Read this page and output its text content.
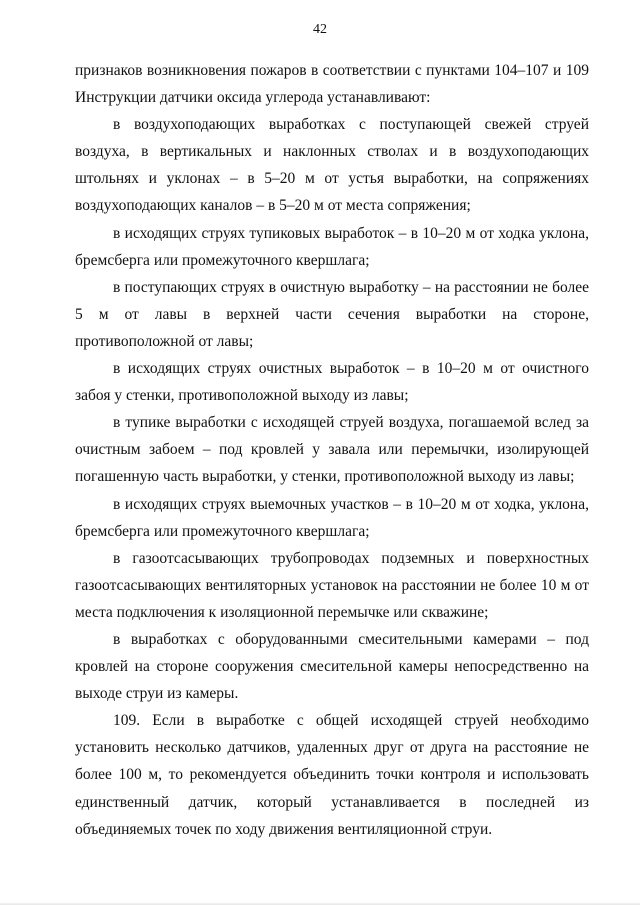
42

признаков возникновения пожаров в соответствии с пунктами 104–107 и 109 Инструкции датчики оксида углерода устанавливают:

в воздухоподающих выработках с поступающей свежей струей воздуха, в вертикальных и наклонных стволах и в воздухоподающих штольнях и уклонах – в 5–20 м от устья выработки, на сопряжениях воздухоподающих каналов – в 5–20 м от места сопряжения;

в исходящих струях тупиковых выработок – в 10–20 м от ходка уклона, бремсберга или промежуточного квершлага;

в поступающих струях в очистную выработку – на расстоянии не более 5 м от лавы в верхней части сечения выработки на стороне, противоположной от лавы;

в исходящих струях очистных выработок – в 10–20 м от очистного забоя у стенки, противоположной выходу из лавы;

в тупике выработки с исходящей струей воздуха, погашаемой вслед за очистным забоем – под кровлей у завала или перемычки, изолирующей погашенную часть выработки, у стенки, противоположной выходу из лавы;

в исходящих струях выемочных участков – в 10–20 м от ходка, уклона, бремсберга или промежуточного квершлага;

в газоотсасывающих трубопроводах подземных и поверхностных газоотсасывающих вентиляторных установок на расстоянии не более 10 м от места подключения к изоляционной перемычке или скважине;

в выработках с оборудованными смесительными камерами – под кровлей на стороне сооружения смесительной камеры непосредственно на выходе струи из камеры.

109. Если в выработке с общей исходящей струей необходимо установить несколько датчиков, удаленных друг от друга на расстояние не более 100 м, то рекомендуется объединить точки контроля и использовать единственный датчик, который устанавливается в последней из объединяемых точек по ходу движения вентиляционной струи.
